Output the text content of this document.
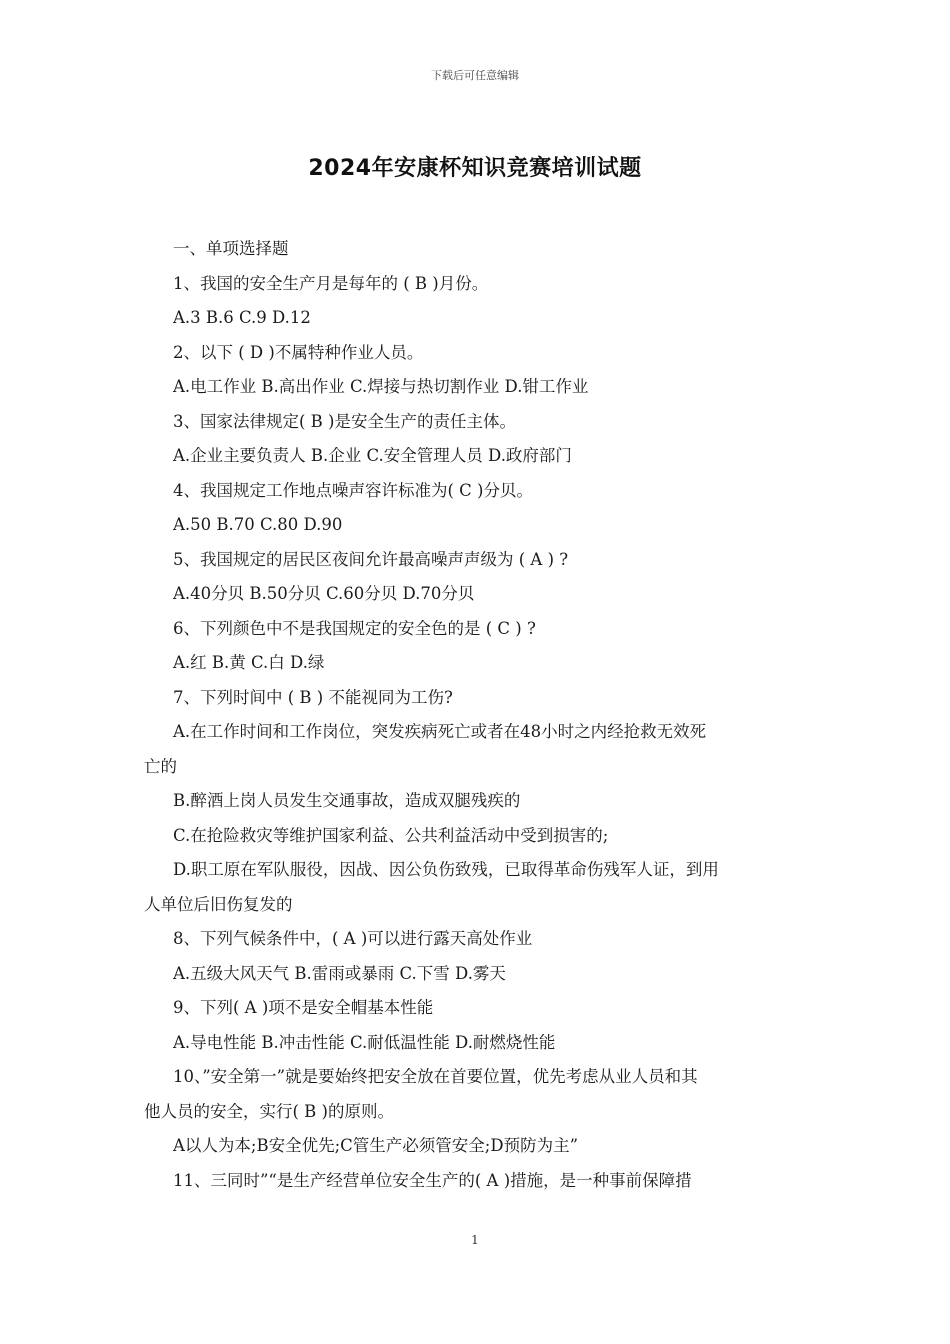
下载后可任意编辑
2024年安康杯知识竞赛培训试题
一、单项选择题
1、我国的安全生产月是每年的 ( B )月份。
A.3 B.6 C.9 D.12
2、以下 ( D )不属特种作业人员。
A.电工作业 B.高出作业 C.焊接与热切割作业 D.钳工作业
3、国家法律规定( B )是安全生产的责任主体。
A.企业主要负责人 B.企业 C.安全管理人员 D.政府部门
4、我国规定工作地点噪声容许标准为( C )分贝。
A.50 B.70 C.80 D.90
5、我国规定的居民区夜间允许最高噪声声级为 ( A ) ?
A.40分贝 B.50分贝 C.60分贝 D.70分贝
6、下列颜色中不是我国规定的安全色的是 ( C ) ?
A.红 B.黄 C.白 D.绿
7、下列时间中 ( B ) 不能视同为工伤?
A.在工作时间和工作岗位，突发疾病死亡或者在48小时之内经抢救无效死
亡的
B.醉酒上岗人员发生交通事故，造成双腿残疾的
C.在抢险救灾等维护国家利益、公共利益活动中受到损害的;
D.职工原在军队服役，因战、因公负伤致残，已取得革命伤残军人证，到用
人单位后旧伤复发的
8、下列气候条件中，( A )可以进行露天高处作业
A.五级大风天气 B.雷雨或暴雨 C.下雪 D.雾天
9、下列( A )项不是安全帽基本性能
A.导电性能 B.冲击性能 C.耐低温性能 D.耐燃烧性能
10、”安全第一”就是要始终把安全放在首要位置，优先考虑从业人员和其
他人员的安全，实行( B )的原则。
A以人为本;B安全优先;C管生产必须管安全;D预防为主”
11、三同时”“是生产经营单位安全生产的( A )措施，是一种事前保障措
1
